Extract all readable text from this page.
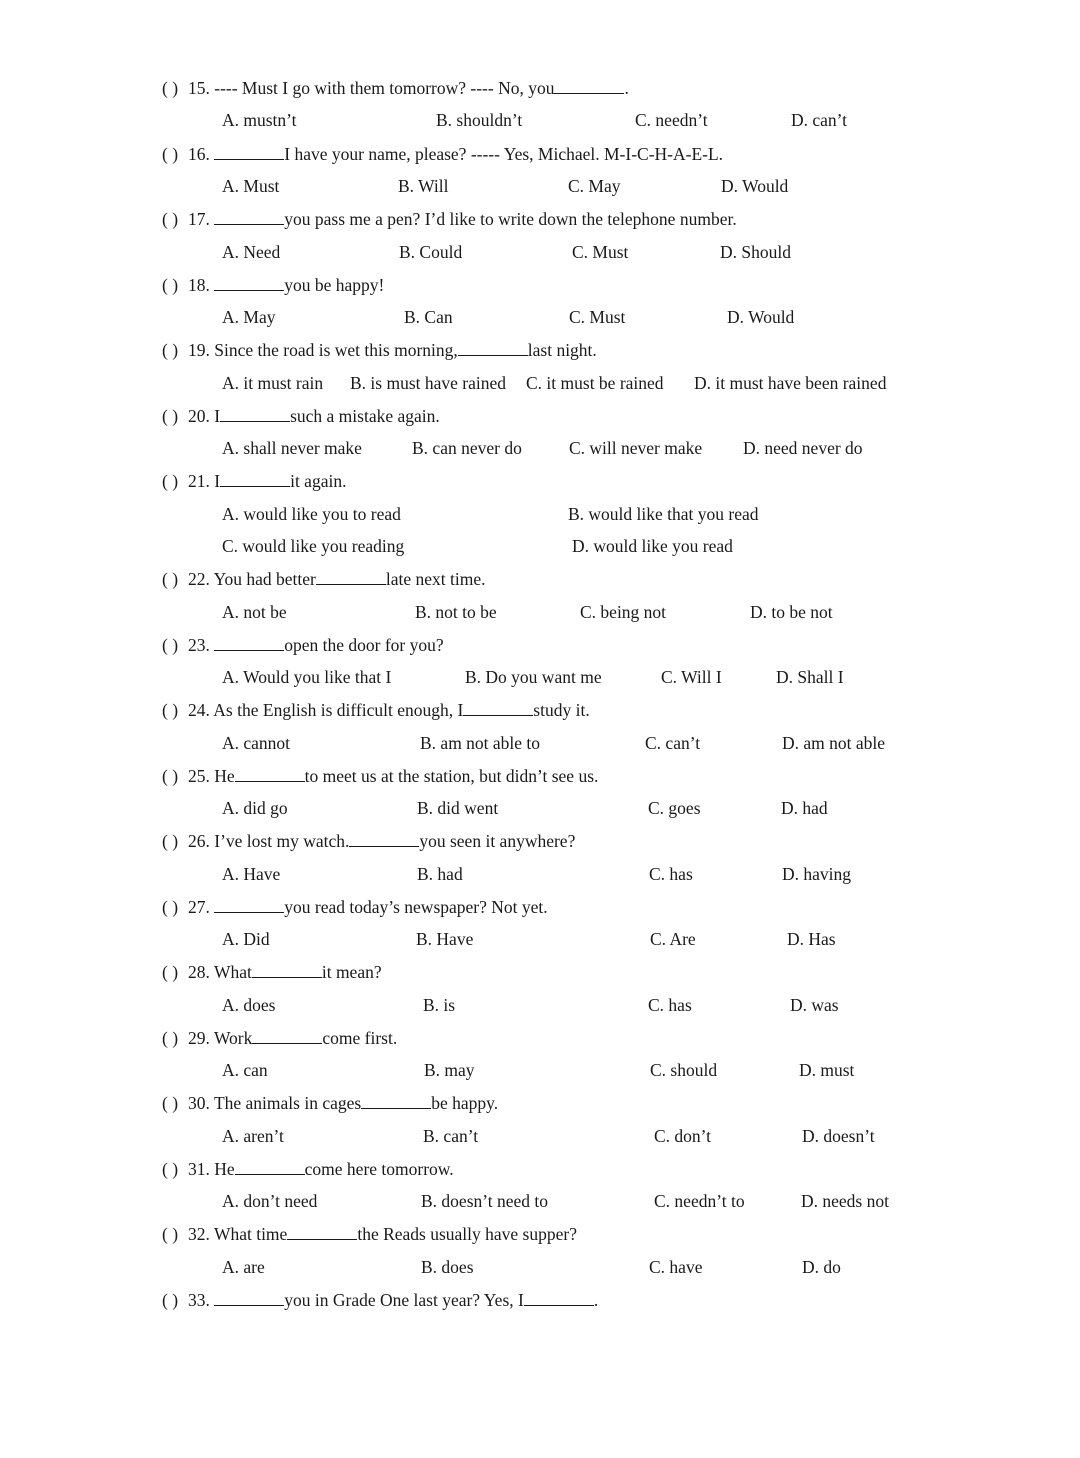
( ) 15. ---- Must I go with them tomorrow? ---- No, you	.
A. mustn’t	B. shouldn’t	C. needn’t	D. can’t
( ) 16.	I have your name, please? ----- Yes, Michael. M-I-C-H-A-E-L.
A. Must	B. Will	C. May	D. Would
( ) 17.	you pass me a pen? I’d like to write down the telephone number.
A. Need	B. Could	C. Must	D. Should
( ) 18.	you be happy!
A. May	B. Can	C. Must	D. Would
( ) 19. Since the road is wet this morning,	last night.
A. it must rain B. is must have rained C. it must be rained D. it must have been rained
( ) 20. I	such a mistake again.
A. shall never make	B. can never do	C. will never make D. need never do
( ) 21. I	it again.
A. would like you to read	B. would like that you read
C. would like you reading	D. would like you read
( ) 22. You had better	late next time.
A. not be	B. not to be	C. being not	D. to be not
( ) 23.	open the door for you?
A. Would you like that I	B. Do you want me	C. Will I	D. Shall I
( ) 24. As the English is difficult enough, I	study it.
A. cannot	B. am not able to	C. can’t	D. am not able
( ) 25. He	to meet us at the station, but didn’t see us.
A. did go	B. did went	C. goes	D. had
( ) 26. I’ve lost my watch.	you seen it anywhere?
A. Have	B. had	C. has	D. having
( ) 27.	you read today’s newspaper? Not yet.
A. Did	B. Have	C. Are	D. Has
( ) 28. What	it mean?
A. does	B. is	C. has	D. was
( ) 29. Work	come first.
A. can	B. may	C. should	D. must
( ) 30. The animals in cages	be happy.
A. aren’t	B. can’t	C. don’t	D. doesn’t
( ) 31. He	come here tomorrow.
A. don’t need	B. doesn’t need to	C. needn’t to	D. needs not
( ) 32. What time	the Reads usually have supper?
A. are	B. does	C. have	D. do
( ) 33.	you in Grade One last year? Yes, I	.
